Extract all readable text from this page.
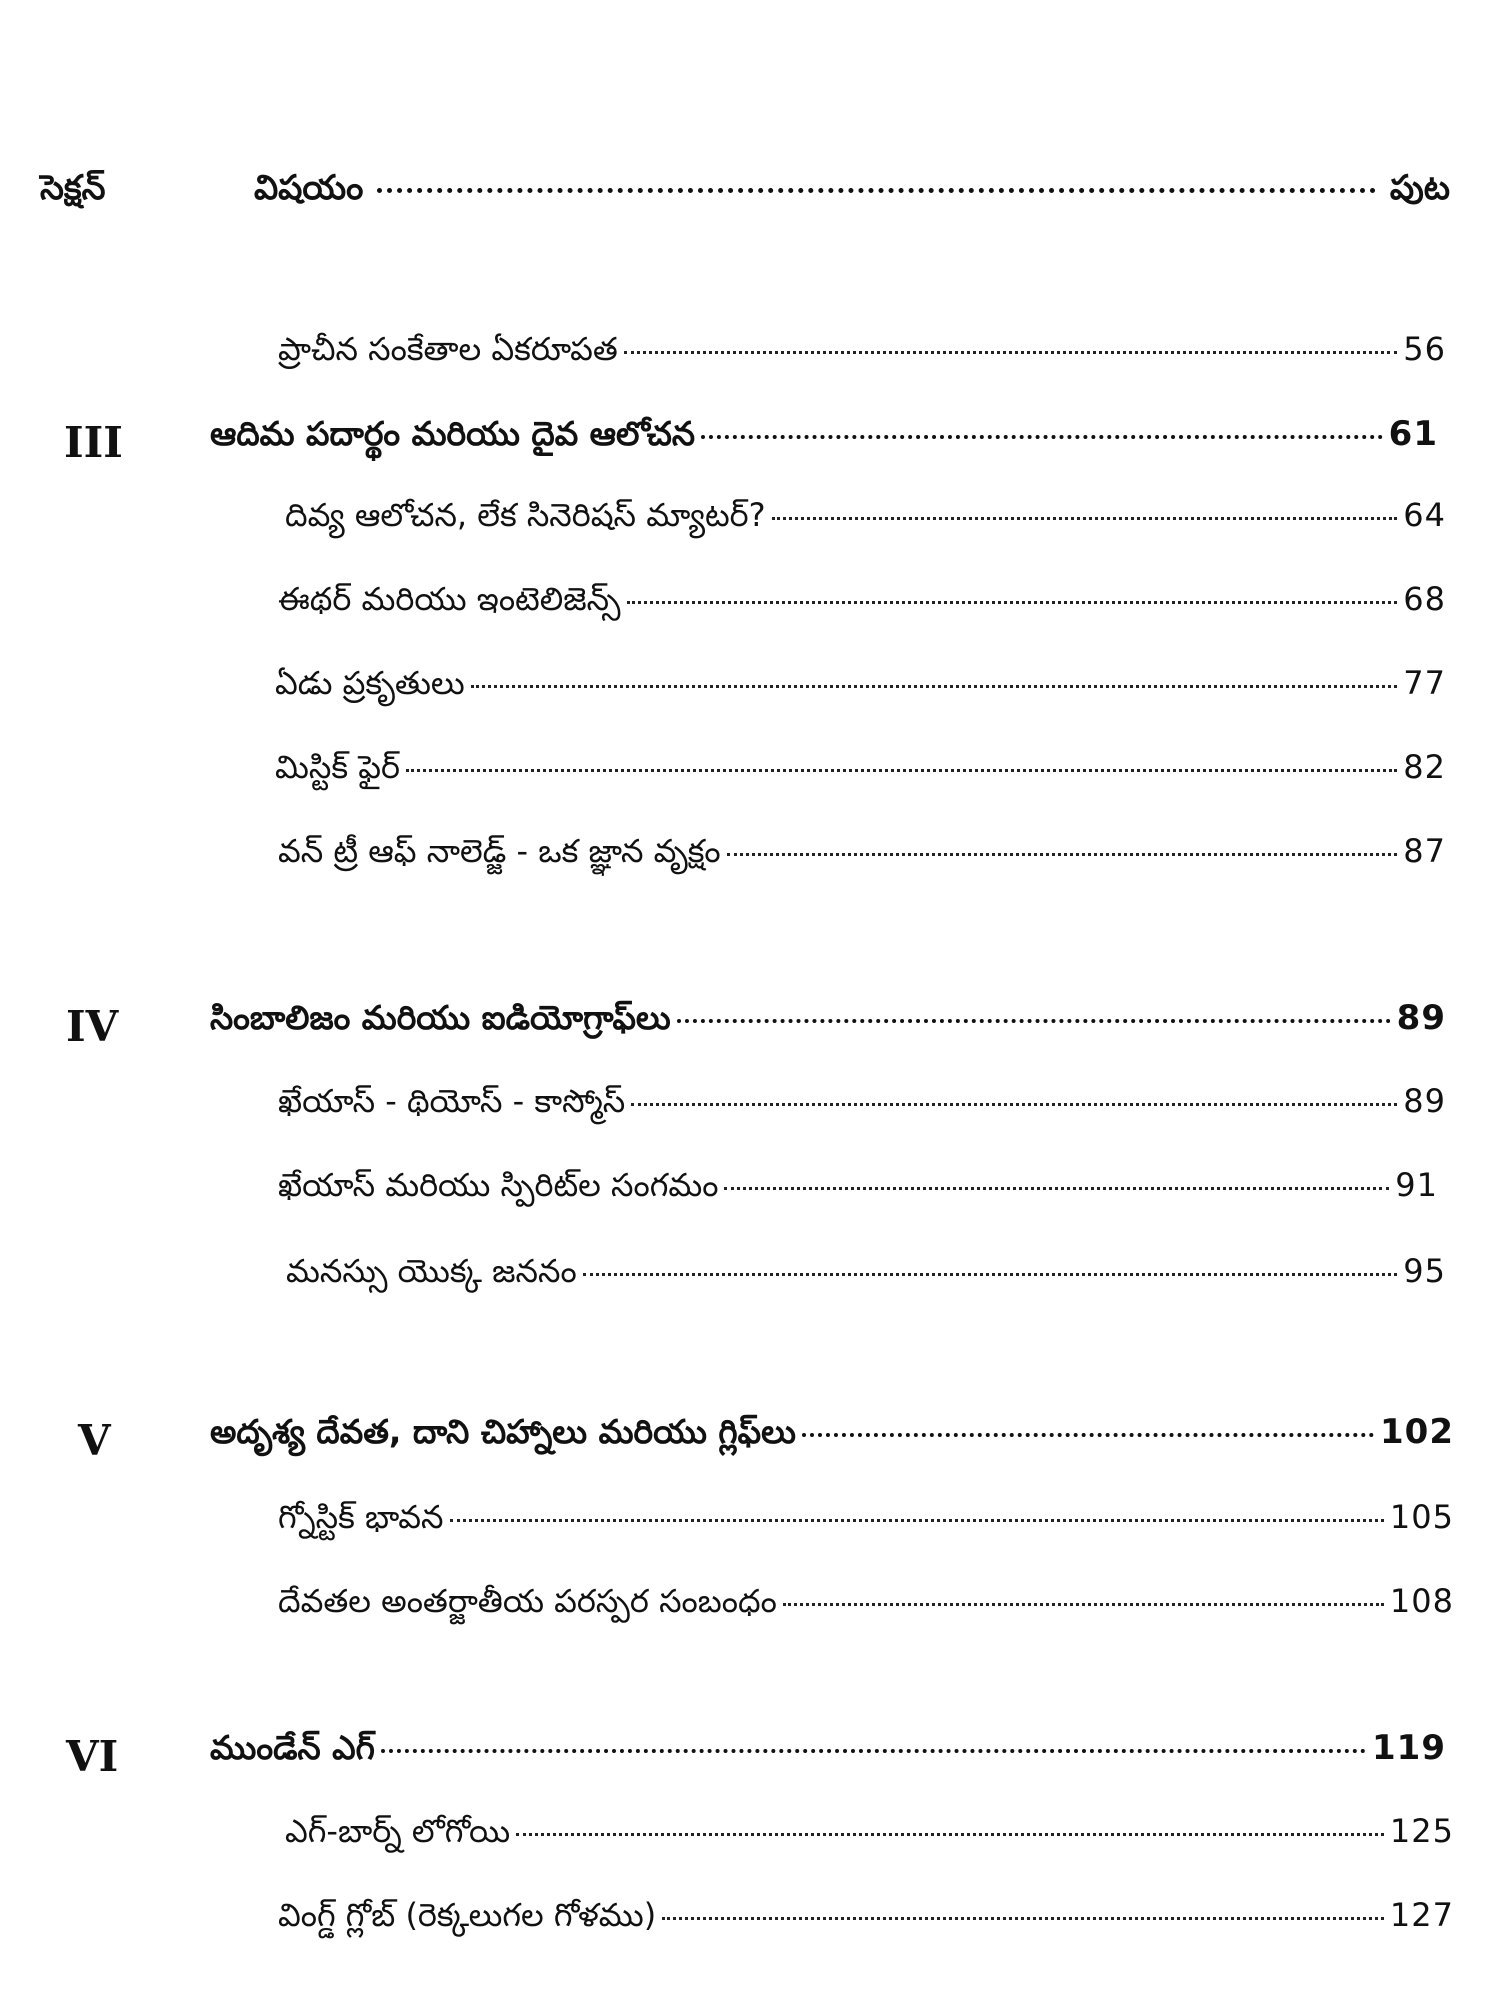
సెక్షన్	విషయం	పుట
ప్రాచీన సంకేతాల ఏకరూపత	56
III	ఆదిమ పదార్థం మరియు దైవ ఆలోచన	61
దివ్య ఆలోచన, లేక సినెరిషస్ మ్యాటర్?	64
ఈథర్ మరియు ఇంటెలిజెన్స్	68
ఏడు ప్రకృతులు	77
మిస్టిక్ ఫైర్	82
వన్ ట్రీ ఆఫ్ నాలెడ్జ్ - ఒక జ్ఞాన వృక్షం	87
IV	సింబాలిజం మరియు ఐడియోగ్రాఫ్‌లు	89
ఖేయాస్ - థియోస్ - కాస్మోస్	89
ఖేయాస్ మరియు స్పిరిట్‌ల సంగమం	91
మనస్సు యొక్క జననం	95
V	అదృశ్య దేవత, దాని చిహ్నాలు మరియు గ్లిఫ్‌లు	102
గ్నోస్టిక్ భావన	105
దేవతల అంతర్జాతీయ పరస్పర సంబంధం	108
VI	ముండేన్ ఎగ్	119
ఎగ్-బార్న్ లోగోయి	125
వింగ్డ్ గ్లోబ్ (రెక్కలుగల గోళము)	127
